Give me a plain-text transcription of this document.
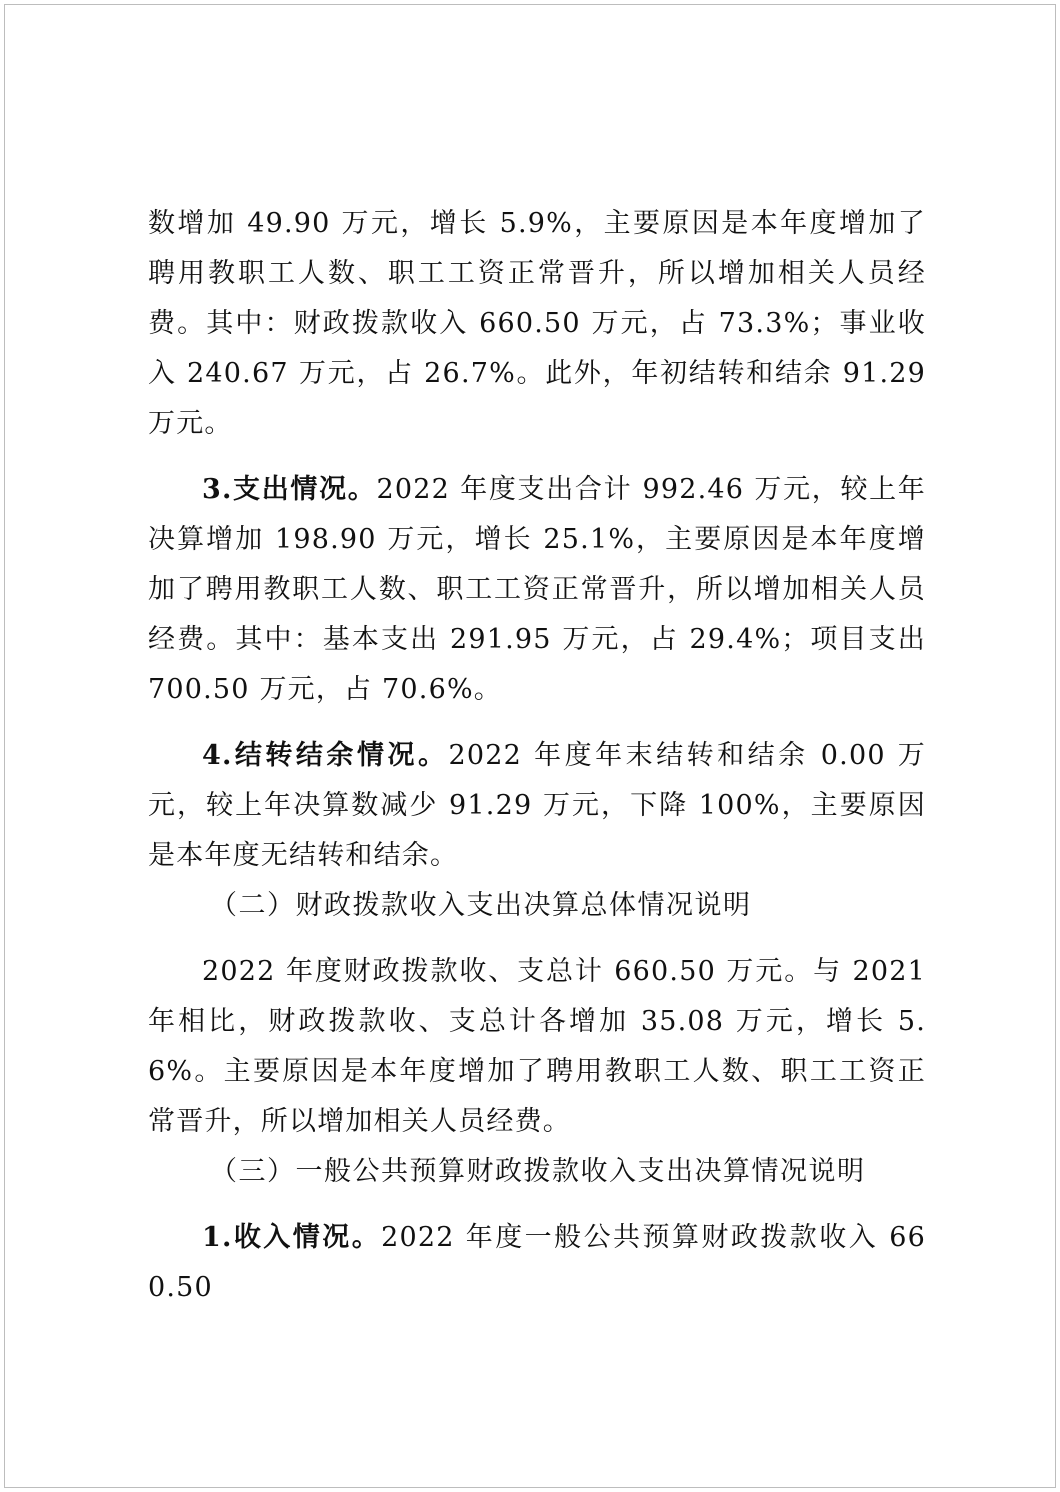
数增加 49.90 万元，增长 5.9%，主要原因是本年度增加了聘用教职工人数、职工工资正常晋升，所以增加相关人员经费。其中：财政拨款收入 660.50 万元，占 73.3%；事业收入 240.67 万元，占 26.7%。此外，年初结转和结余 91.29 万元。

3.支出情况。2022 年度支出合计 992.46 万元，较上年决算增加 198.90 万元，增长 25.1%，主要原因是本年度增加了聘用教职工人数、职工工资正常晋升，所以增加相关人员经费。其中：基本支出 291.95 万元，占 29.4%；项目支出 700.50 万元，占 70.6%。

4.结转结余情况。2022 年度年末结转和结余 0.00 万元，较上年决算数减少 91.29 万元，下降 100%，主要原因是本年度无结转和结余。

（二）财政拨款收入支出决算总体情况说明

2022 年度财政拨款收、支总计 660.50 万元。与 2021 年相比，财政拨款收、支总计各增加 35.08 万元，增长 5.6%。主要原因是本年度增加了聘用教职工人数、职工工资正常晋升，所以增加相关人员经费。

（三）一般公共预算财政拨款收入支出决算情况说明

1.收入情况。2022 年度一般公共预算财政拨款收入 660.50
